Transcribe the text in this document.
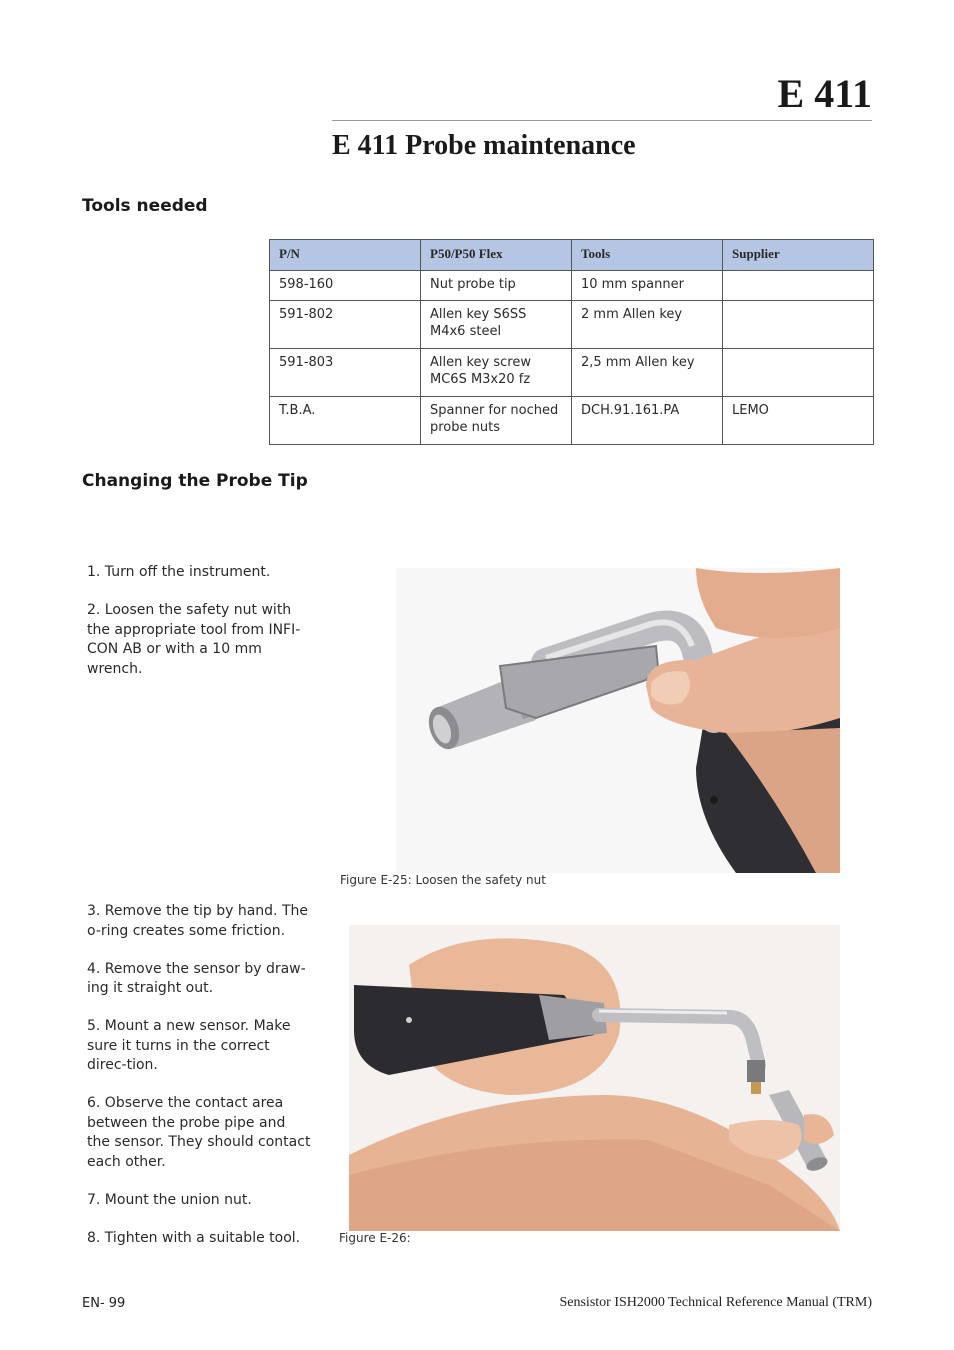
E 411
E 411 Probe maintenance
Tools needed
P/N	P50/P50 Flex	Tools	Supplier
598-160	Nut probe tip	10 mm spanner	
591-802	Allen key S6SS M4x6 steel	2 mm Allen key	
591-803	Allen key screw MC6S M3x20 fz	2,5 mm Allen key	
T.B.A.	Spanner for noched probe nuts	DCH.91.161.PA	LEMO
Changing the Probe Tip

1. Turn off the instrument.

2. Loosen the safety nut with the appropriate tool from INFI-CON AB or with a 10 mm wrench.

Figure E-25: Loosen the safety nut

3. Remove the tip by hand. The o-ring creates some friction.

4. Remove the sensor by draw-ing it straight out.

5. Mount a new sensor. Make sure it turns in the correct direc-tion.

6. Observe the contact area between the probe pipe and the sensor. They should contact each other.

7. Mount the union nut.

8. Tighten with a suitable tool.	Figure E-26:
EN- 99	Sensistor ISH2000 Technical Reference Manual (TRM)
